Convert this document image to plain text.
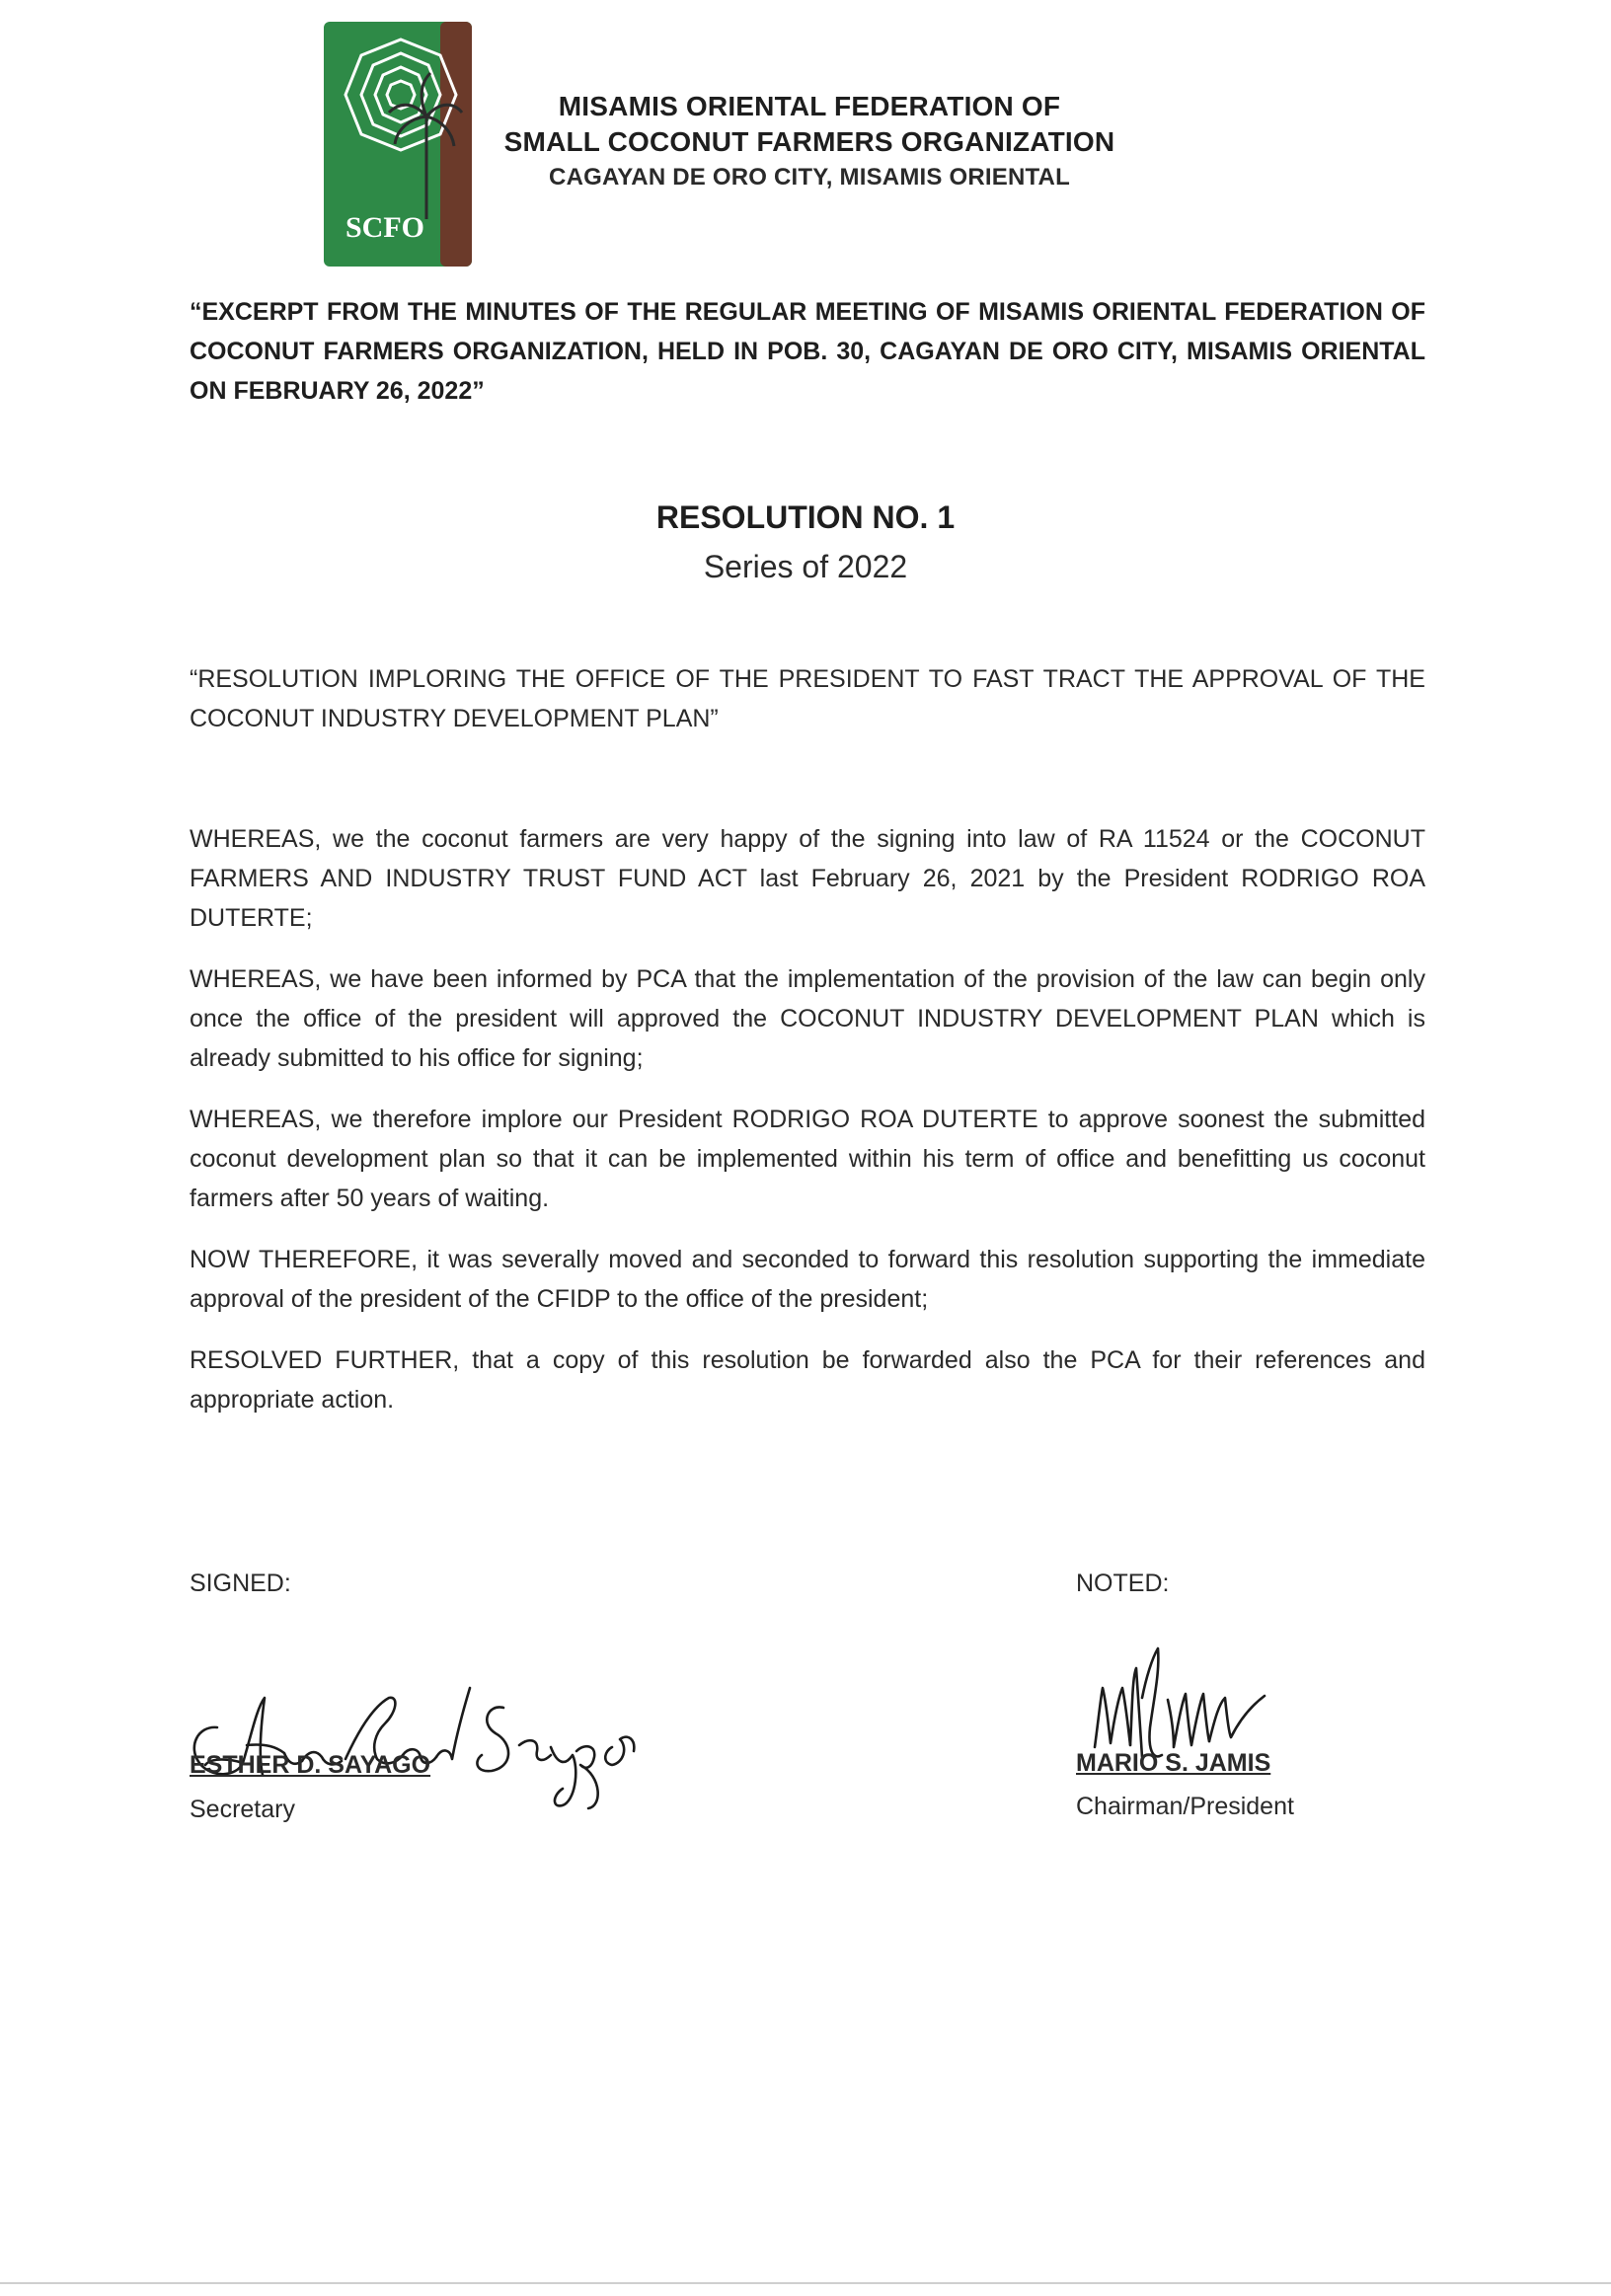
SCFO
MISAMIS ORIENTAL FEDERATION OF
SMALL COCONUT FARMERS ORGANIZATION
CAGAYAN DE ORO CITY, MISAMIS ORIENTAL
“EXCERPT FROM THE MINUTES OF THE REGULAR MEETING OF MISAMIS ORIENTAL FEDERATION OF COCONUT FARMERS ORGANIZATION, HELD IN POB. 30, CAGAYAN DE ORO CITY, MISAMIS ORIENTAL ON FEBRUARY 26, 2022”
RESOLUTION NO. 1
Series of 2022
“RESOLUTION IMPLORING THE OFFICE OF THE PRESIDENT TO FAST TRACT THE APPROVAL OF THE COCONUT INDUSTRY DEVELOPMENT PLAN”

WHEREAS, we the coconut farmers are very happy of the signing into law of RA 11524 or the COCONUT FARMERS AND INDUSTRY TRUST FUND ACT last February 26, 2021 by the President RODRIGO ROA DUTERTE;

WHEREAS, we have been informed by PCA that the implementation of the provision of the law can begin only once the office of the president will approved the COCONUT INDUSTRY DEVELOPMENT PLAN which is already submitted to his office for signing;

WHEREAS, we therefore implore our President RODRIGO ROA DUTERTE to approve soonest the submitted coconut development plan so that it can be implemented within his term of office and benefitting us coconut farmers after 50 years of waiting.

NOW THEREFORE, it was severally moved and seconded to forward this resolution supporting the immediate approval of the president of the CFIDP to the office of the president;

RESOLVED FURTHER, that a copy of this resolution be forwarded also the PCA for their references and appropriate action.

SIGNED:	NOTED:
ESTHER D. SAYAGO
Secretary
MARIO S. JAMIS
Chairman/President
